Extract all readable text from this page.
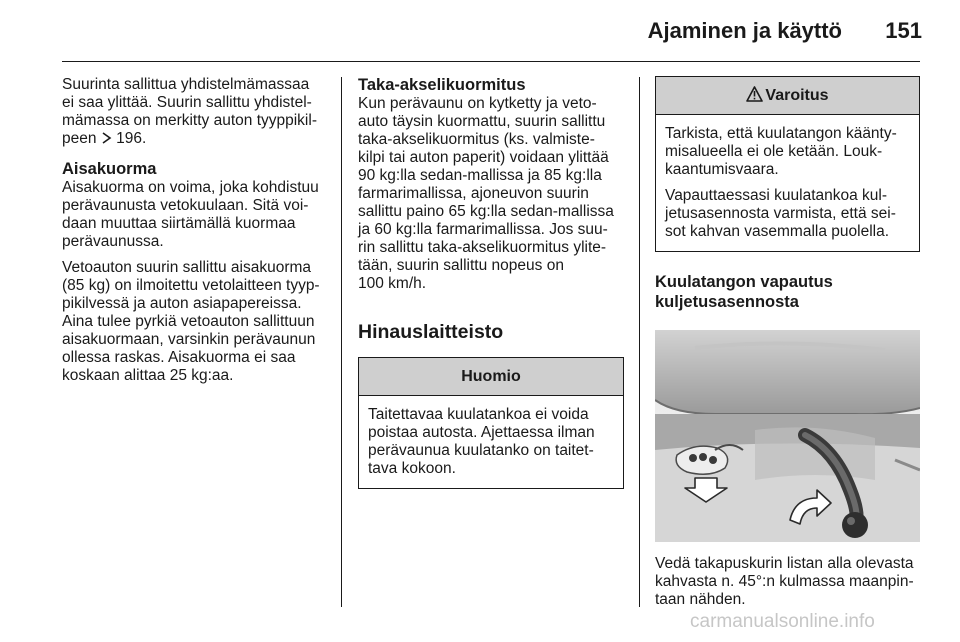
Ajaminen ja käyttö 151

Suurinta sallittua yhdistelmämassaa
ei saa ylittää. Suurin sallittu yhdistel-
mämassa on merkitty auton tyyppikil-
peen  196.

Aisakuorma

Aisakuorma on voima, joka kohdistuu
perävaunusta vetokuulaan. Sitä voi-
daan muuttaa siirtämällä kuormaa
perävaunussa.

Vetoauton suurin sallittu aisakuorma
(85 kg) on ilmoitettu vetolaitteen tyyp-
pikilvessä ja auton asiapapereissa.
Aina tulee pyrkiä vetoauton sallittuun
aisakuormaan, varsinkin perävaunun
ollessa raskas. Aisakuorma ei saa
koskaan alittaa 25 kg:aa.

Taka-akselikuormitus

Kun perävaunu on kytketty ja veto-
auto täysin kuormattu, suurin sallittu
taka-akselikuormitus (ks. valmiste-
kilpi tai auton paperit) voidaan ylittää
90 kg:lla sedan-mallissa ja 85 kg:lla
farmarimallissa, ajoneuvon suurin
sallittu paino 65 kg:lla sedan-mallissa
ja 60 kg:lla farmarimallissa. Jos suu-
rin sallittu taka-akselikuormitus ylite-
tään, suurin sallittu nopeus on
100 km/h.

Hinauslaitteisto
Huomio

Taitettavaa kuulatankoa ei voida
poistaa autosta. Ajettaessa ilman
perävaunua kuulatanko on taitet-
tava kokoon.

Varoitus

Tarkista, että kuulatangon käänty-
misalueella ei ole ketään. Louk-
kaantumisvaara.

Vapauttaessasi kuulatankoa kul-
jetusasennosta varmista, että sei-
sot kahvan vasemmalla puolella.

Kuulatangon vapautus
kuljetusasennosta

Vedä takapuskurin listan alla olevasta
kahvasta n. 45°:n kulmassa maanpin-
taan nähden.

carmanualsonline.info
